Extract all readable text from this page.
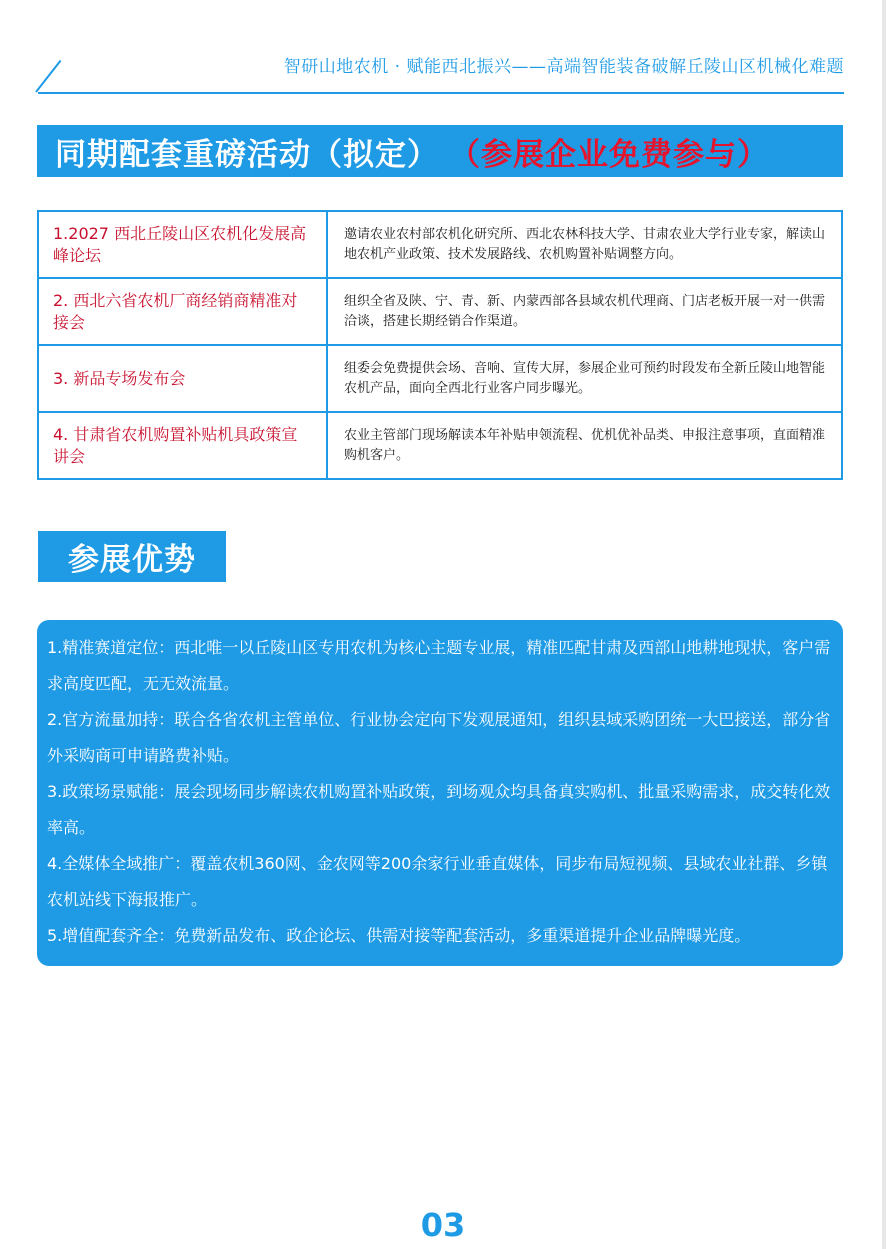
智研山地农机 · 赋能西北振兴——高端智能装备破解丘陵山区机械化难题
同期配套重磅活动（拟定） （参展企业免费参与）
1.2027 西北丘陵山区农机化发展高峰论坛	邀请农业农村部农机化研究所、西北农林科技大学、甘肃农业大学行业专家，解读山地农机产业政策、技术发展路线、农机购置补贴调整方向。
2. 西北六省农机厂商经销商精准对接会	组织全省及陕、宁、青、新、内蒙西部各县域农机代理商、门店老板开展一对一供需洽谈，搭建长期经销合作渠道。
3. 新品专场发布会	组委会免费提供会场、音响、宣传大屏，参展企业可预约时段发布全新丘陵山地智能农机产品，面向全西北行业客户同步曝光。
4. 甘肃省农机购置补贴机具政策宣讲会	农业主管部门现场解读本年补贴申领流程、优机优补品类、申报注意事项，直面精准购机客户。
参展优势

1.精准赛道定位：西北唯一以丘陵山区专用农机为核心主题专业展，精准匹配甘肃及西部山地耕地现状，客户需求高度匹配，无无效流量。

2.官方流量加持：联合各省农机主管单位、行业协会定向下发观展通知，组织县域采购团统一大巴接送，部分省外采购商可申请路费补贴。

3.政策场景赋能：展会现场同步解读农机购置补贴政策，到场观众均具备真实购机、批量采购需求，成交转化效率高。

4.全媒体全域推广：覆盖农机360网、金农网等200余家行业垂直媒体，同步布局短视频、县域农业社群、乡镇农机站线下海报推广。

5.增值配套齐全：免费新品发布、政企论坛、供需对接等配套活动，多重渠道提升企业品牌曝光度。

03
